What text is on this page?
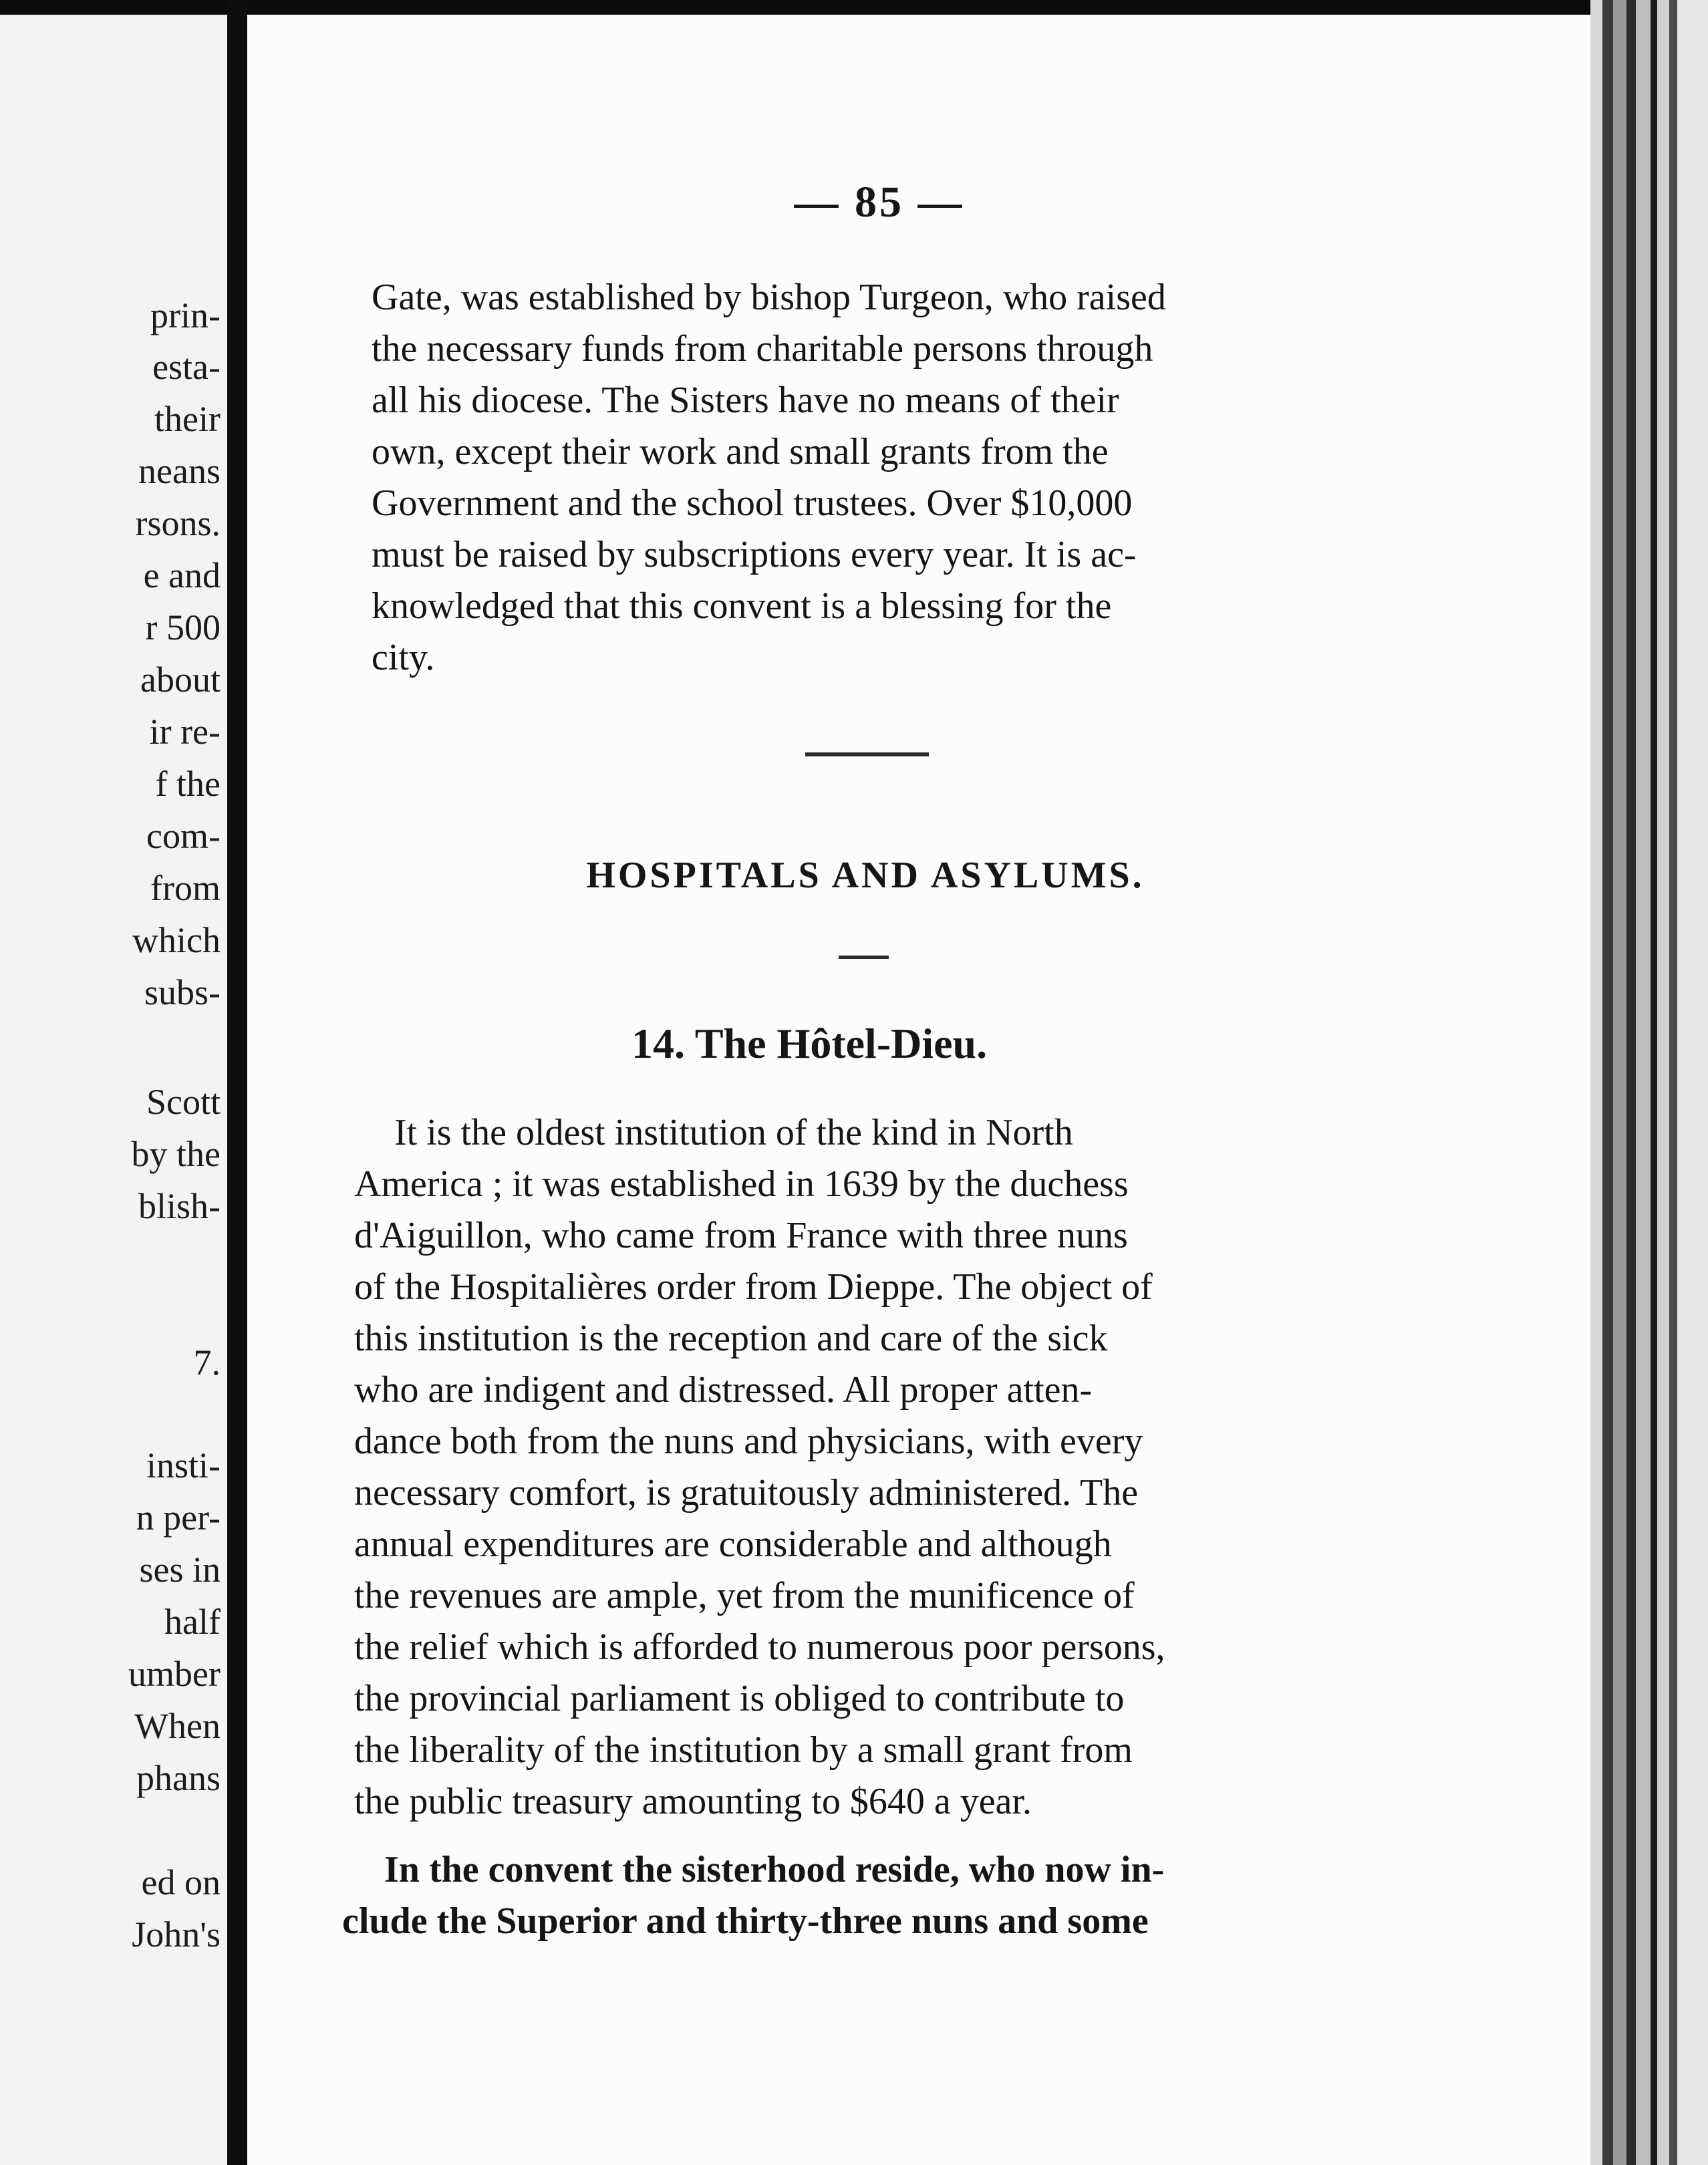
prin-
esta-
their
neans
rsons.
e and
r 500
about
ir re-
f the
com-
from
which
subs-
Scott
by the
blish-
7.
insti-
n per-
ses in
half
umber
When
phans
ed on
John's
— 85 —
Gate, was established by bishop Turgeon, who raised
the necessary funds from charitable persons through
all his diocese. The Sisters have no means of their
own, except their work and small grants from the
Government and the school trustees. Over $10,000
must be raised by subscriptions every year. It is ac-
knowledged that this convent is a blessing for the
city.
HOSPITALS AND ASYLUMS.
14. The Hôtel-Dieu.
It is the oldest institution of the kind in North
America ; it was established in 1639 by the duchess
d'Aiguillon, who came from France with three nuns
of the Hospitalières order from Dieppe. The object of
this institution is the reception and care of the sick
who are indigent and distressed. All proper atten-
dance both from the nuns and physicians, with every
necessary comfort, is gratuitously administered. The
annual expenditures are considerable and although
the revenues are ample, yet from the munificence of
the relief which is afforded to numerous poor persons,
the provincial parliament is obliged to contribute to
the liberality of the institution by a small grant from
the public treasury amounting to $640 a year.
In the convent the sisterhood reside, who now in-
clude the Superior and thirty-three nuns and some
